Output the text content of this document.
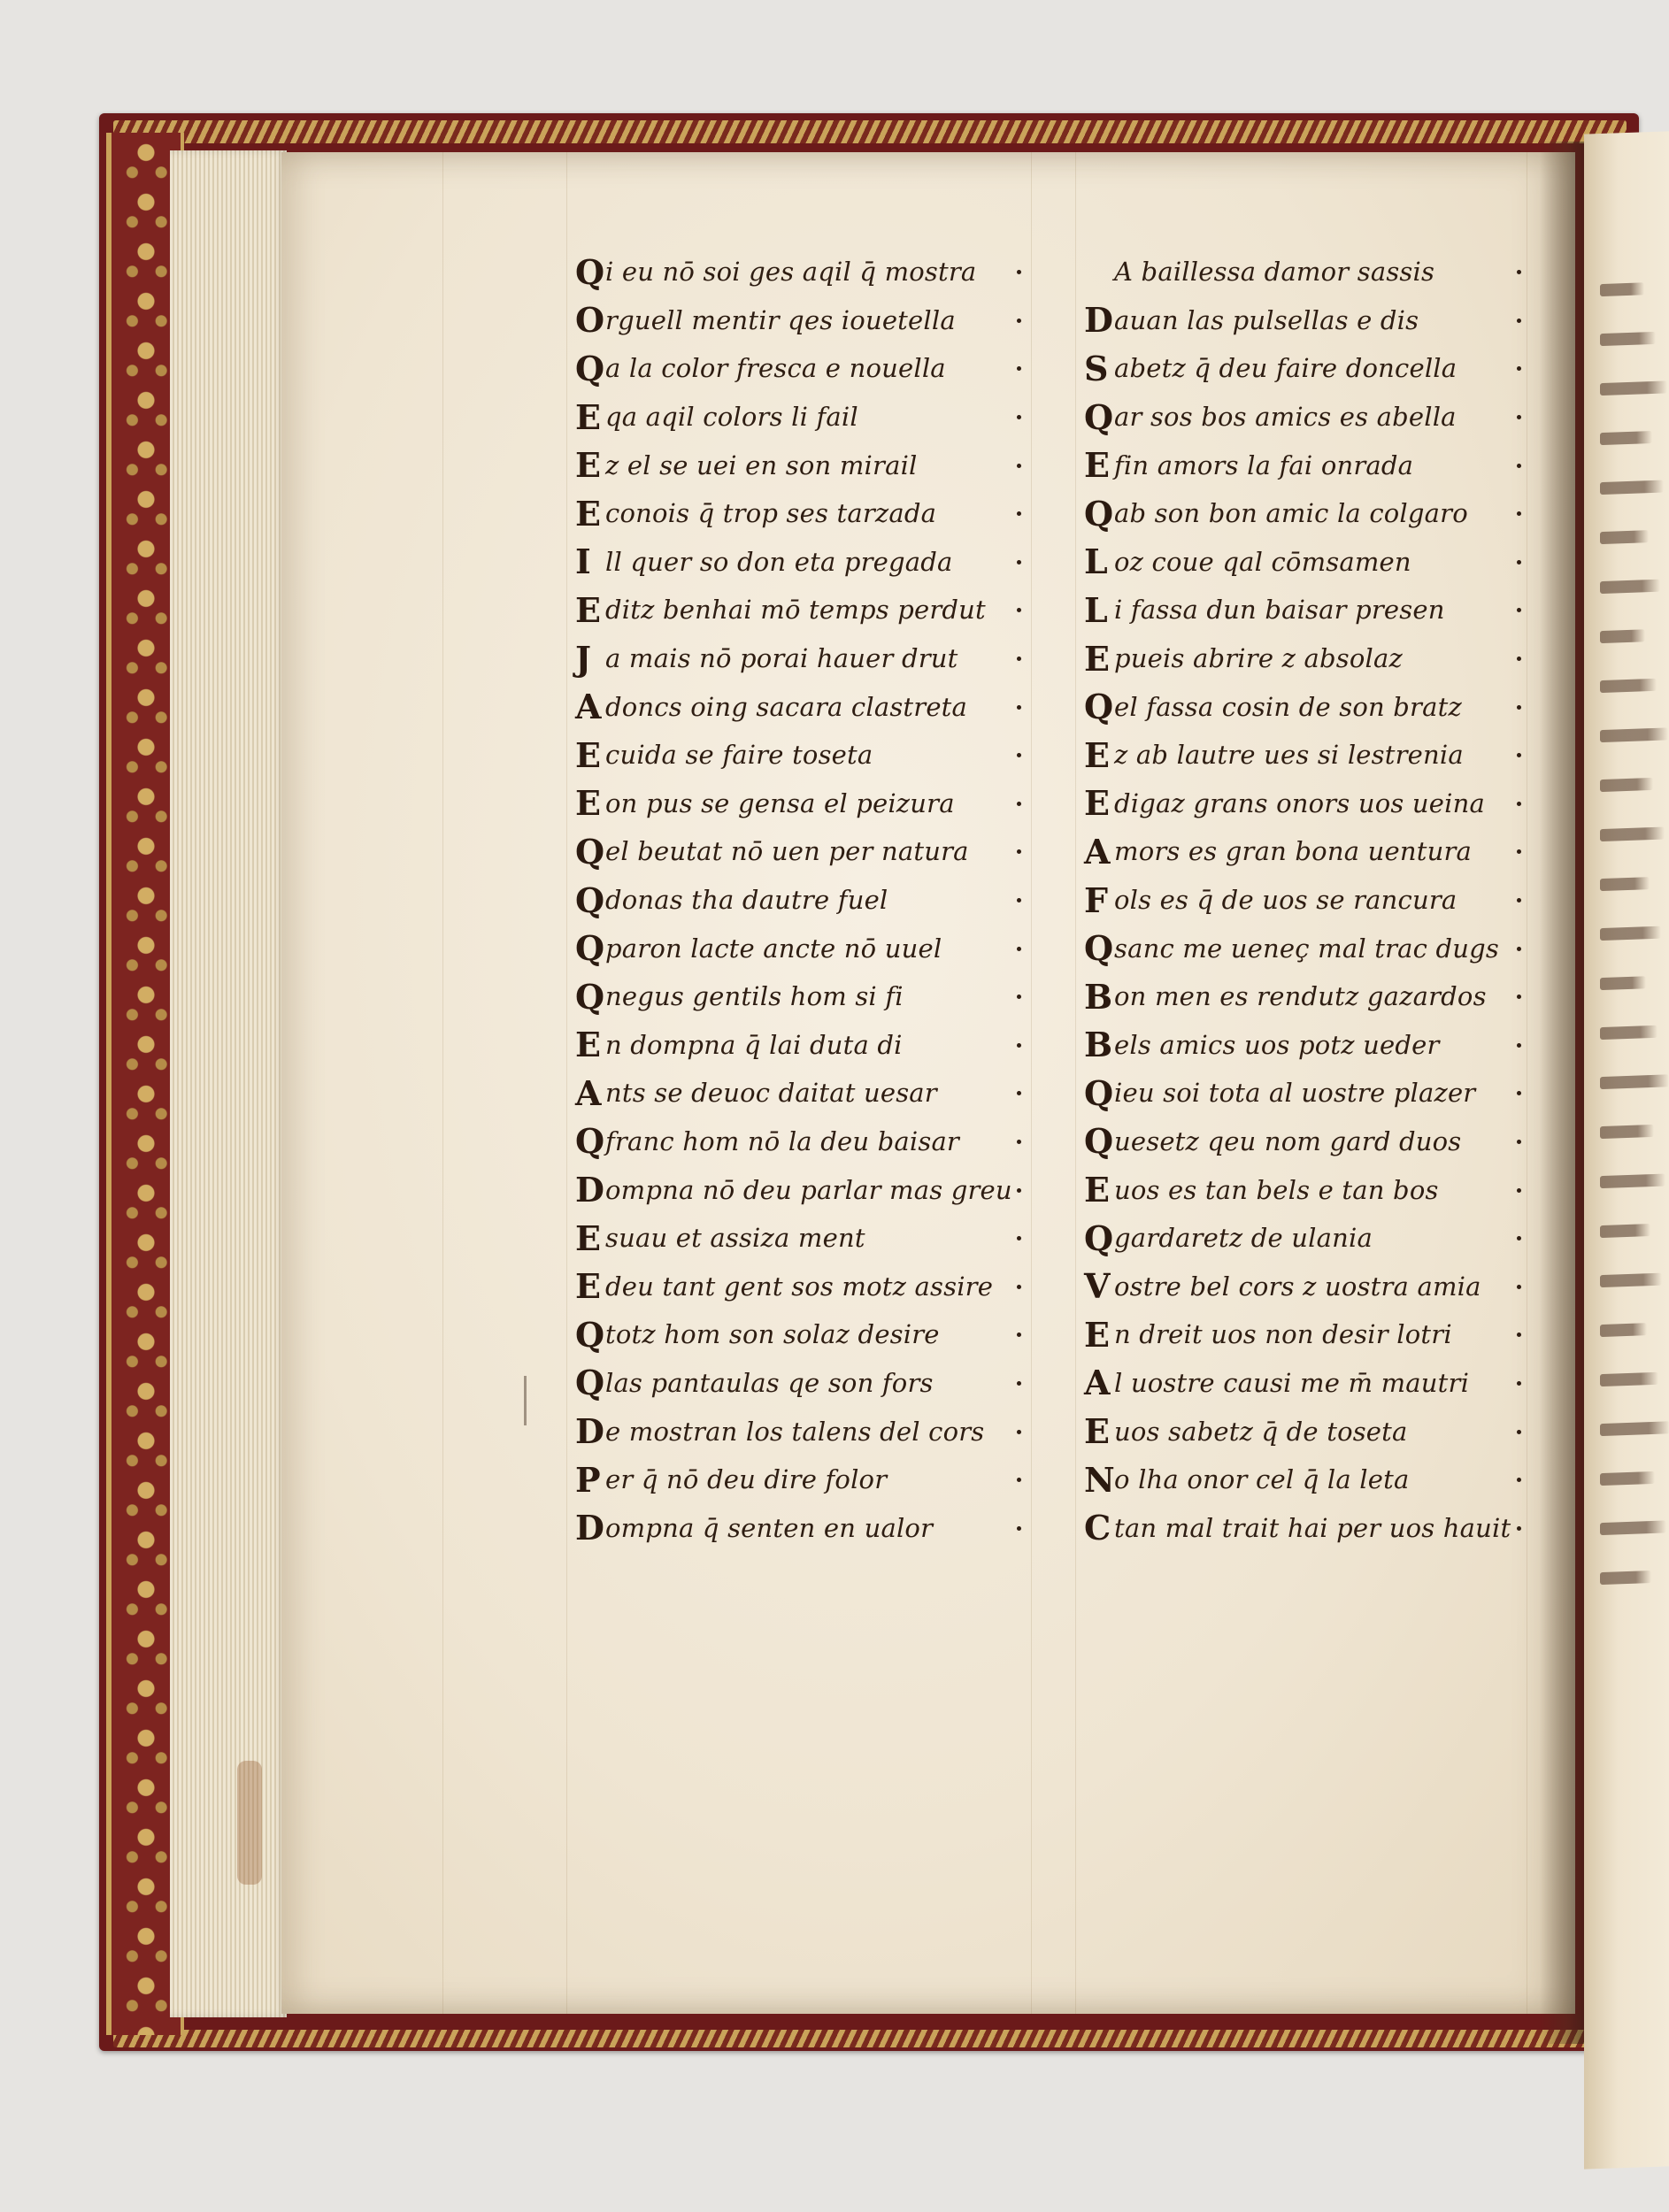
Q i eu nō soi ges aqil q̄ mostra
O rguell mentir qes iouetella
Q a la color fresca e nouella
E qa aqil colors li fail
E z el se uei en son mirail
E conois q̄ trop ses tarzada
I ll quer so don eta pregada
E ditz benhai mō temps perdut
J a mais nō porai hauer drut
A doncs oing sacara clastreta
E cuida se faire toseta
E on pus se gensa el peizura
Q el beutat nō uen per natura
Q donas tha dautre fuel
Q paron lacte ancte nō uuel
Q negus gentils hom si fi
E n dompna q̄ lai duta di
A nts se deuoc daitat uesar
Q franc hom nō la deu baisar
D ompna nō deu parlar mas greu
E suau et assiza ment
E deu tant gent sos motz assire
Q totz hom son solaz desire
Q las pantaulas qe son fors
D e mostran los talens del cors
P er q̄ nō deu dire folor
D ompna q̄ senten en ualor
A baillessa damor sassis
D auan las pulsellas e dis
S abetz q̄ deu faire doncella
Q ar sos bos amics es abella
E fin amors la fai onrada
Q ab son bon amic la colgaro
L oz coue qal cōmsamen
L i fassa dun baisar presen
E pueis abrire z absolaz
Q el fassa cosin de son bratz
E z ab lautre ues si lestrenia
E digaz grans onors uos ueina
A mors es gran bona uentura
F ols es q̄ de uos se rancura
Q sanc me ueneç mal trac dugs
B on men es rendutz gazardos
B els amics uos potz ueder
Q ieu soi tota al uostre plazer
Q uesetz qeu nom gard duos
E uos es tan bels e tan bos
Q gardaretz de ulania
V ostre bel cors z uostra amia
E n dreit uos non desir lotri
A l uostre causi me m̄ mautri
E uos sabetz q̄ de toseta
N o lha onor cel q̄ la leta
C tan mal trait hai per uos hauit
